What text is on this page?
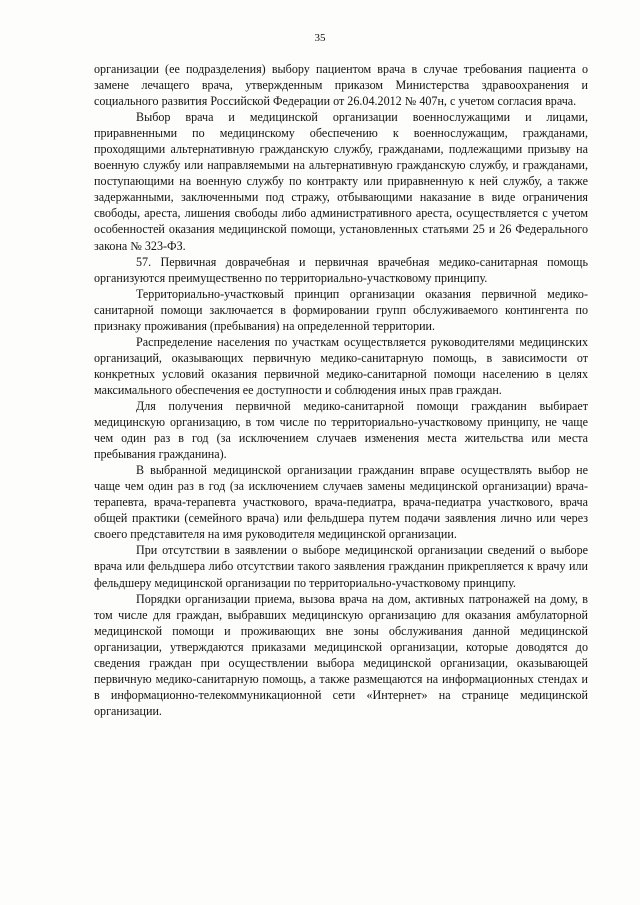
35

организации (ее подразделения) выбору пациентом врача в случае требования пациента о замене лечащего врача, утвержденным приказом Министерства здравоохранения и социального развития Российской Федерации от 26.04.2012 № 407н, с учетом согласия врача.

Выбор врача и медицинской организации военнослужащими и лицами, приравненными по медицинскому обеспечению к военнослужащим, гражданами, проходящими альтернативную гражданскую службу, гражданами, подлежащими призыву на военную службу или направляемыми на альтернативную гражданскую службу, и гражданами, поступающими на военную службу по контракту или приравненную к ней службу, а также задержанными, заключенными под стражу, отбывающими наказание в виде ограничения свободы, ареста, лишения свободы либо административного ареста, осуществляется с учетом особенностей оказания медицинской помощи, установленных статьями 25 и 26 Федерального закона № 323-ФЗ.

57. Первичная доврачебная и первичная врачебная медико-санитарная помощь организуются преимущественно по территориально-участковому принципу.

Территориально-участковый принцип организации оказания первичной медико-санитарной помощи заключается в формировании групп обслуживаемого контингента по признаку проживания (пребывания) на определенной территории.

Распределение населения по участкам осуществляется руководителями медицинских организаций, оказывающих первичную медико-санитарную помощь, в зависимости от конкретных условий оказания первичной медико-санитарной помощи населению в целях максимального обеспечения ее доступности и соблюдения иных прав граждан.

Для получения первичной медико-санитарной помощи гражданин выбирает медицинскую организацию, в том числе по территориально-участковому принципу, не чаще чем один раз в год (за исключением случаев изменения места жительства или места пребывания гражданина).

В выбранной медицинской организации гражданин вправе осуществлять выбор не чаще чем один раз в год (за исключением случаев замены медицинской организации) врача-терапевта, врача-терапевта участкового, врача-педиатра, врача-педиатра участкового, врача общей практики (семейного врача) или фельдшера путем подачи заявления лично или через своего представителя на имя руководителя медицинской организации.

При отсутствии в заявлении о выборе медицинской организации сведений о выборе врача или фельдшера либо отсутствии такого заявления гражданин прикрепляется к врачу или фельдшеру медицинской организации по территориально-участковому принципу.

Порядки организации приема, вызова врача на дом, активных патронажей на дому, в том числе для граждан, выбравших медицинскую организацию для оказания амбулаторной медицинской помощи и проживающих вне зоны обслуживания данной медицинской организации, утверждаются приказами медицинской организации, которые доводятся до сведения граждан при осуществлении выбора медицинской организации, оказывающей первичную медико-санитарную помощь, а также размещаются на информационных стендах и в информационно-телекоммуникационной сети «Интернет» на странице медицинской организации.
